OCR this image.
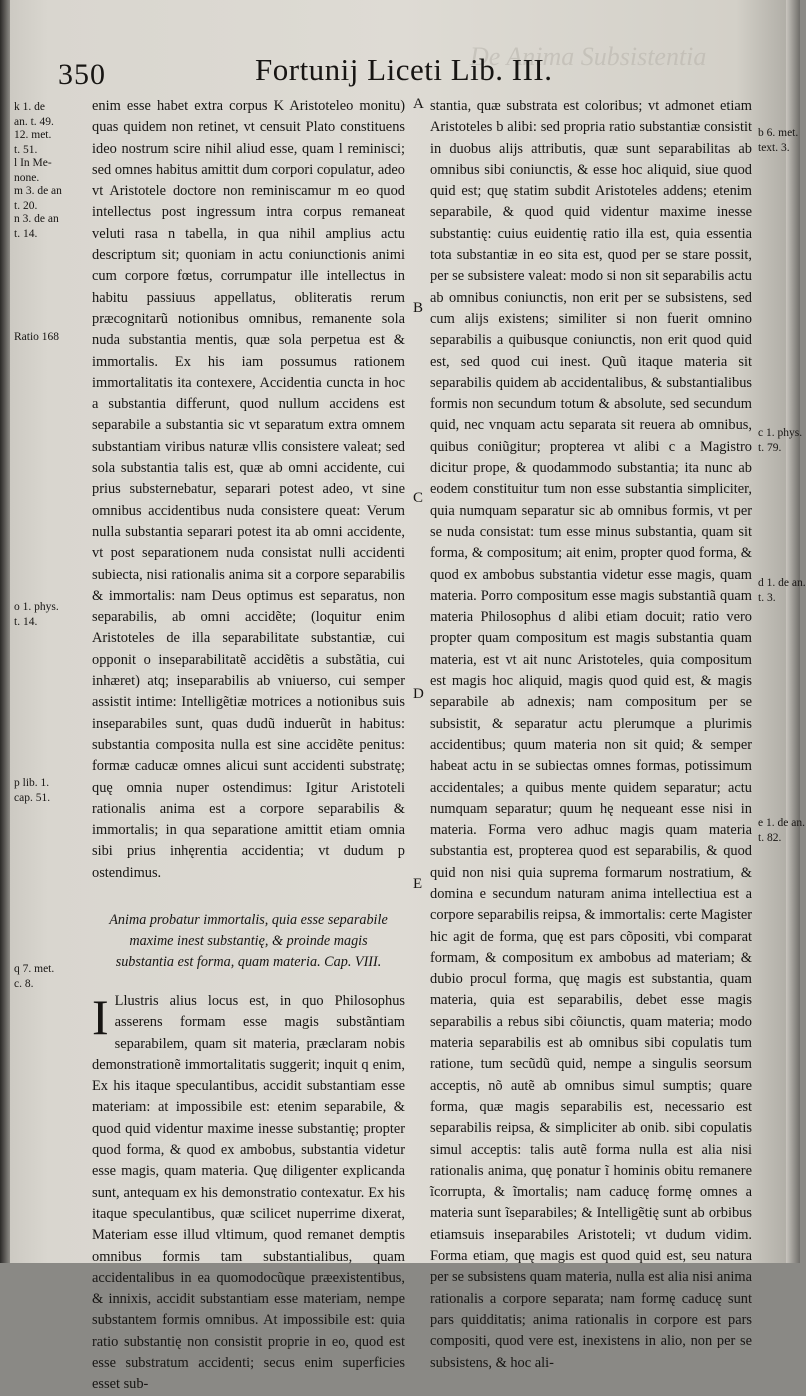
De Anima Subsistentia
350	Fortunij Liceti Lib. III.

enim esse habet extra corpus K Aristoteleo monitu) quas quidem non retinet, vt censuit Plato constituens ideo nostrum scire nihil aliud esse, quam l reminisci; sed omnes habitus amittit dum corpori copulatur, adeo vt Aristotele doctore non reminiscamur m eo quod intellectus post ingressum intra corpus remaneat veluti rasa n tabella, in qua nihil amplius actu descriptum sit; quoniam in actu coniunctionis animi cum corpore fœtus, corrumpatur ille intellectus in habitu passiuus appellatus, obliteratis rerum præcognitarũ notionibus omnibus, remanente sola nuda substantia mentis, quæ sola perpetua est & immortalis. Ex his iam possumus rationem immortalitatis ita contexere, Accidentia cuncta in hoc a substantia differunt, quod nullum accidens est separabile a substantia sic vt separatum extra omnem substantiam viribus naturæ vllis consistere valeat; sed sola substantia talis est, quæ ab omni accidente, cui prius substernebatur, separari potest adeo, vt sine omnibus accidentibus nuda consistere queat: Verum nulla substantia separari potest ita ab omni accidente, vt post separationem nuda consistat nulli accidenti subiecta, nisi rationalis anima sit a corpore separabilis & immortalis: nam Deus optimus est separatus, non separabilis, ab omni accidẽte; (loquitur enim Aristoteles de illa separabilitate substantiæ, cui opponit o inseparabilitatẽ accidẽtis a substãtia, cui inhæret) atq; inseparabilis ab vniuerso, cui semper assistit intime: Intelligẽtiæ motrices a notionibus suis inseparabiles sunt, quas dudũ induerũt in habitus: substantia composita nulla est sine accidẽte penitus: formæ caducæ omnes alicui sunt accidenti substratę; quę omnia nuper ostendimus: Igitur Aristoteli rationalis anima est a corpore separabilis & immortalis; in qua separatione amittit etiam omnia sibi prius inhęrentia accidentia; vt dudum p ostendimus.

Anima probatur immortalis, quia esse separabile maxime inest substantię, & proinde magis substantia est forma, quam materia. Cap. VIII.

I Llustris alius locus est, in quo Philosophus asserens formam esse magis substãntiam separabilem, quam sit materia, præclaram nobis demonstrationẽ immortalitatis suggerit; inquit q enim, Ex his itaque speculantibus, accidit substantiam esse materiam: at impossibile est: etenim separabile, & quod quid videntur maxime inesse substantię; propter quod forma, & quod ex ambobus, substantia videtur esse magis, quam materia. Quę diligenter explicanda sunt, antequam ex his demonstratio contexatur. Ex his itaque speculantibus, quæ scilicet nuperrime dixerat, Materiam esse illud vltimum, quod remanet demptis omnibus formis tam substantialibus, quam accidentalibus in ea quomodocũque præexistentibus, & innixis, accidit substantiam esse materiam, nempe substantem formis omnibus. At impossibile est: quia ratio substantię non consistit proprie in eo, quod est esse substratum accidenti; secus enim superficies esset sub-

stantia, quæ substrata est coloribus; vt admonet etiam Aristoteles b alibi: sed propria ratio substantiæ consistit in duobus alijs attributis, quæ sunt separabilitas ab omnibus sibi coniunctis, & esse hoc aliquid, siue quod quid est; quę statim subdit Aristoteles addens; etenim separabile, & quod quid videntur maxime inesse substantię: cuius euidentię ratio illa est, quia essentia tota substantiæ in eo sita est, quod per se stare possit, per se subsistere valeat: modo si non sit separabilis actu ab omnibus coniunctis, non erit per se subsistens, sed cum alijs existens; similiter si non fuerit omnino separabilis a quibusque coniunctis, non erit quod quid est, sed quod cui inest. Quũ itaque materia sit separabilis quidem ab accidentalibus, & substantialibus formis non secundum totum & absolute, sed secundum quid, nec vnquam actu separata sit reuera ab omnibus, quibus coniũgitur; propterea vt alibi c a Magistro dicitur prope, & quodammodo substantia; ita nunc ab eodem constituitur tum non esse substantia simpliciter, quia numquam separatur sic ab omnibus formis, vt per se nuda consistat: tum esse minus substantia, quam sit forma, & compositum; ait enim, propter quod forma, & quod ex ambobus substantia videtur esse magis, quam materia. Porro compositum esse magis substantiã quam materia Philosophus d alibi etiam docuit; ratio vero propter quam compositum est magis substantia quam materia, est vt ait nunc Aristoteles, quia compositum est magis hoc aliquid, magis quod quid est, & magis separabile ab adnexis; nam compositum per se subsistit, & separatur actu plerumque a plurimis accidentibus; quum materia non sit quid; & semper habeat actu in se subiectas omnes formas, potissimum accidentales; a quibus mente quidem separatur; actu numquam separatur; quum hę nequeant esse nisi in materia. Forma vero adhuc magis quam materia substantia est, propterea quod est separabilis, & quod quid non nisi quia suprema formarum nostratium, & domina e secundum naturam anima intellectiua est a corpore separabilis reipsa, & immortalis: certe Magister hic agit de forma, quę est pars cõpositi, vbi comparat formam, & compositum ex ambobus ad materiam; & dubio procul forma, quę magis est substantia, quam materia, quia est separabilis, debet esse magis separabilis a rebus sibi cõiunctis, quam materia; modo materia separabilis est ab omnibus sibi copulatis tum ratione, tum secũdũ quid, nempe a singulis seorsum acceptis, nõ autẽ ab omnibus simul sumptis; quare forma, quæ magis separabilis est, necessario est separabilis reipsa, & simpliciter ab onib. sibi copulatis simul acceptis: talis autẽ forma nulla est alia nisi rationalis anima, quę ponatur ĩ hominis obitu remanere ĩcorrupta, & ĩmortalis; nam caducę formę omnes a materia sunt ĩseparabiles; & Intelligẽtię sunt ab orbibus etiamsuis inseparabiles Aristoteli; vt dudum vidim. Forma etiam, quę magis est quod quid est, seu natura per se subsistens quam materia, nulla est alia nisi anima rationalis a corpore separata; nam formę caducę sunt pars quidditatis; anima rationalis in corpore est pars compositi, quod vere est, inexistens in alio, non per se subsistens, & hoc ali-

k 1. de
an. t. 49.
12. met.
t. 51.
l In Me-
none.
m 3. de an
t. 20.
n 3. de an
t. 14.
Ratio 168
o 1. phys.
t. 14.
p lib. 1.
cap. 51.
q 7. met.
c. 8.
b 6. met.
text. 3.
c 1. phys.
t. 79.
d 1. de an.
t. 3.
e 1. de an.
t. 82.
A
B
C
D
E
